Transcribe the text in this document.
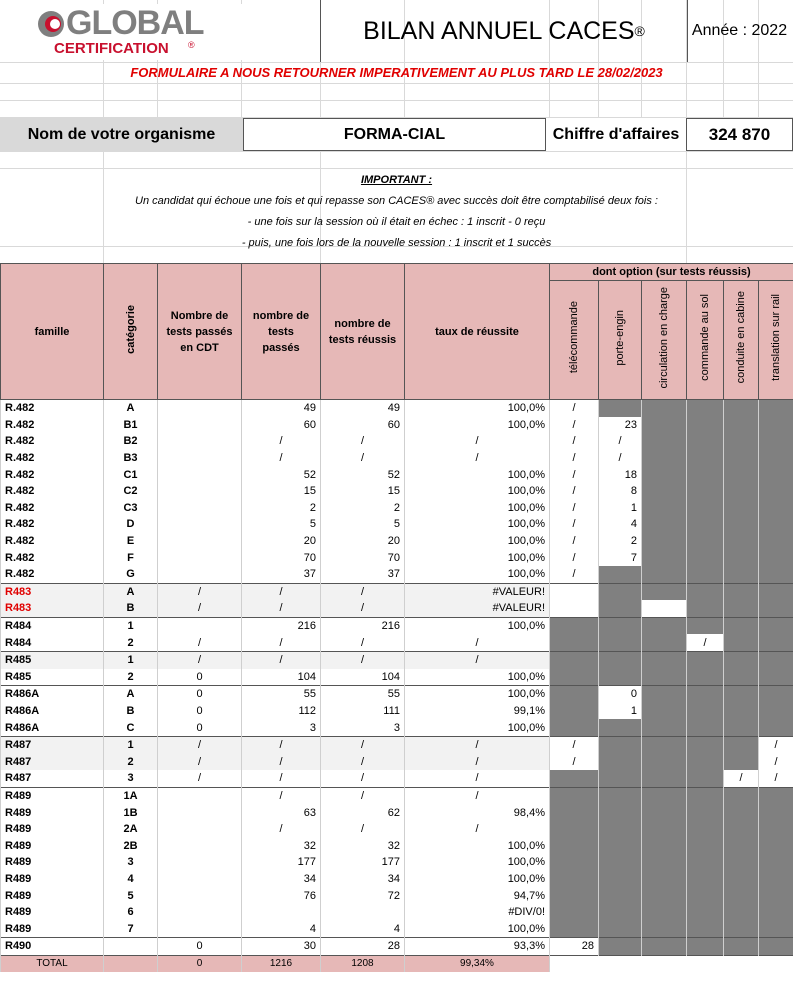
GLOBAL
CERTIFICATION ®
BILAN ANNUEL CACES ®	Année : 2022
FORMULAIRE A NOUS RETOURNER IMPERATIVEMENT AU PLUS TARD LE 28/02/2023
Nom de votre organisme	FORMA-CIAL	Chiffre d'affaires	324 870
IMPORTANT :
Un candidat qui échoue une fois et qui repasse son CACES® avec succès doit être comptabilisé deux fois :
- une fois sur la session où il était en échec : 1 inscrit - 0 reçu
- puis, une fois lors de la nouvelle session : 1 inscrit et 1 succès
famille	catégorie	Nombre de tests passés en CDT	nombre de tests passés	nombre de tests réussis	taux de réussite	dont option (sur tests réussis)					
						télécommande	porte-engin	circulation en charge	commande au sol	conduite en cabine	translation sur rail
R.482	A		49	49	100,0%	/					
R.482	B1		60	60	100,0%	/	23				
R.482	B2		/	/	/	/	/				
R.482	B3		/	/	/	/	/				
R.482	C1		52	52	100,0%	/	18				
R.482	C2		15	15	100,0%	/	8				
R.482	C3		2	2	100,0%	/	1				
R.482	D		5	5	100,0%	/	4				
R.482	E		20	20	100,0%	/	2				
R.482	F		70	70	100,0%	/	7				
R.482	G		37	37	100,0%	/					
R483	A	/	/	/	#VALEUR!						
R483	B	/	/	/	#VALEUR!						
R484	1		216	216	100,0%						
R484	2	/	/	/	/				/		
R485	1	/	/	/	/						
R485	2	0	104	104	100,0%						
R486A	A	0	55	55	100,0%		0				
R486A	B	0	112	111	99,1%		1				
R486A	C	0	3	3	100,0%						
R487	1	/	/	/	/	/					/
R487	2	/	/	/	/	/					/
R487	3	/	/	/	/					/	/
R489	1A		/	/	/						
R489	1B		63	62	98,4%						
R489	2A		/	/	/						
R489	2B		32	32	100,0%						
R489	3		177	177	100,0%						
R489	4		34	34	100,0%						
R489	5		76	72	94,7%						
R489	6				#DIV/0!						
R489	7		4	4	100,0%						
R490		0	30	28	93,3%	28					
TOTAL		0	1216	1208	99,34%						
